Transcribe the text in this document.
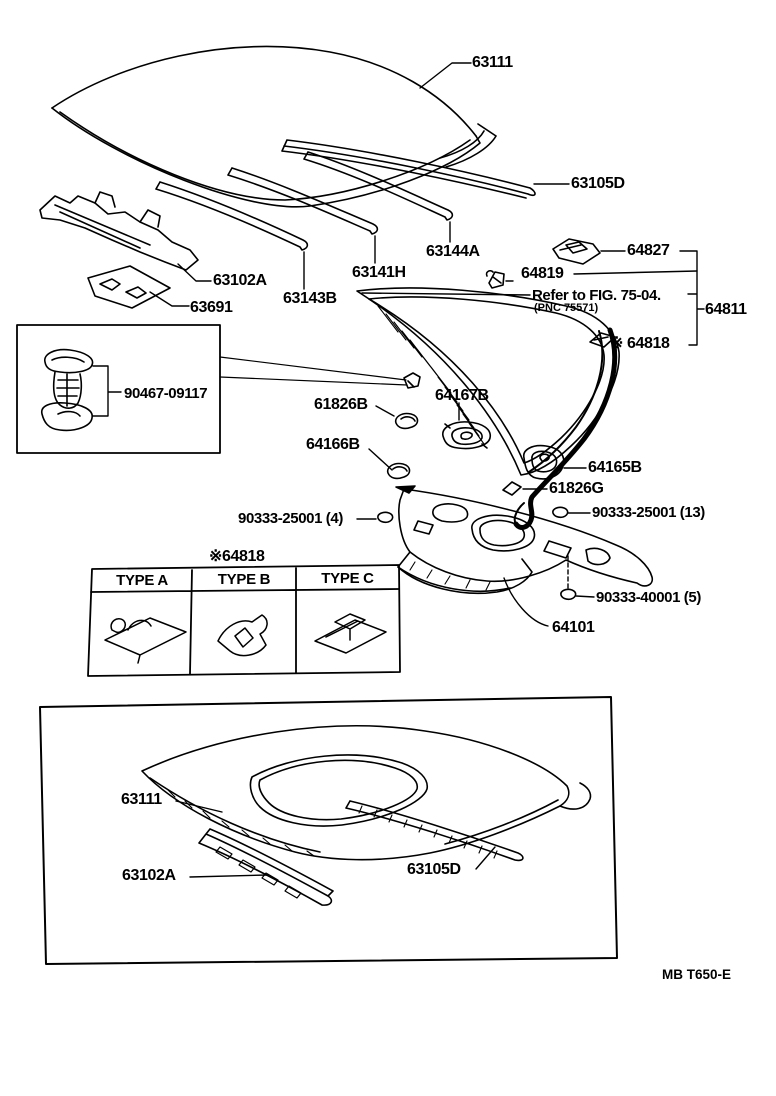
63111
63105D
63102A
63691
63143B
63141H
63144A	64827
64819
Refer to FIG. 75-04.
(PNC 75571)	64811
※ 64818
90467-09117
61826B
64167B
64166B
64165B
61826G
90333-25001 (4)	90333-25001 (13)
※64818
90333-40001 (5)
64101
63111
63102A	63105D
MB T650-E
TYPE A	TYPE B	TYPE C
